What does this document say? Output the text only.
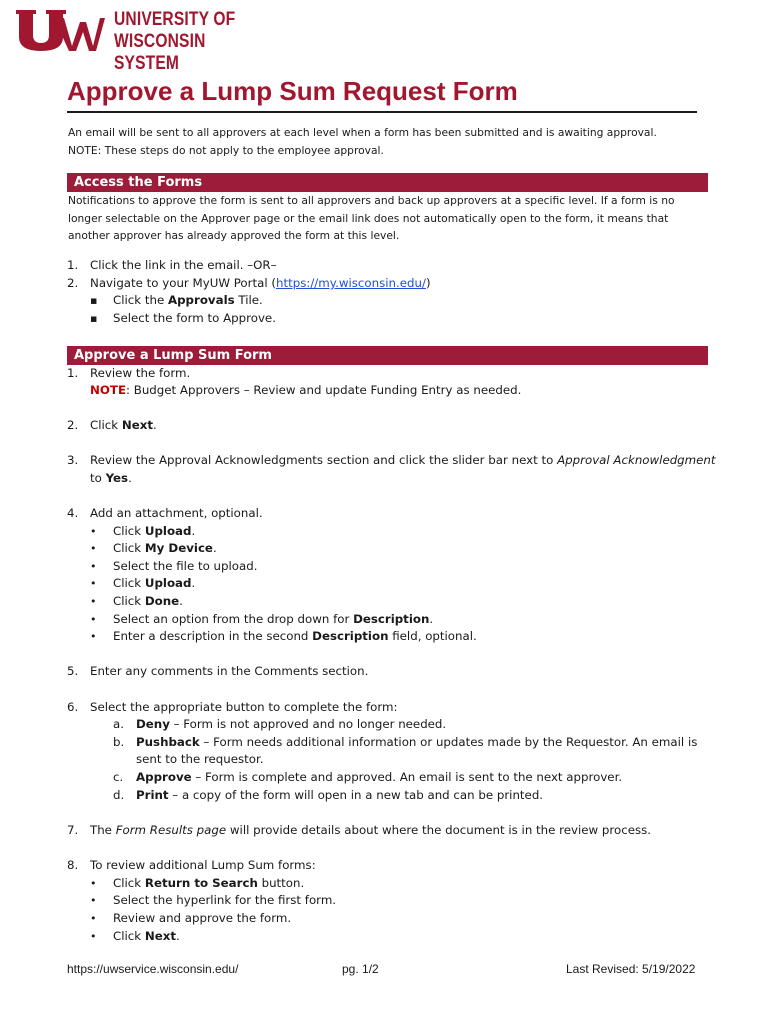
UNIVERSITY OF
WISCONSIN SYSTEM
Approve a Lump Sum Request Form
An email will be sent to all approvers at each level when a form has been submitted and is awaiting approval.
NOTE: These steps do not apply to the employee approval.
Access the Forms
Notifications to approve the form is sent to all approvers and back up approvers at a specific level. If a form is no longer selectable on the Approver page or the email link does not automatically open to the form, it means that another approver has already approved the form at this level.
1. Click the link in the email. –OR–
2. Navigate to your MyUW Portal (https://my.wisconsin.edu/)
▪ Click the Approvals Tile.
▪ Select the form to Approve.
Approve a Lump Sum Form
1. Review the form.
NOTE: Budget Approvers – Review and update Funding Entry as needed.
2. Click Next.
3. Review the Approval Acknowledgments section and click the slider bar next to Approval Acknowledgment
to Yes.
4. Add an attachment, optional.
• Click Upload.
• Click My Device.
• Select the file to upload.
• Click Upload.
• Click Done.
• Select an option from the drop down for Description.
• Enter a description in the second Description field, optional.
5. Enter any comments in the Comments section.
6. Select the appropriate button to complete the form:
a. Deny – Form is not approved and no longer needed.
b. Pushback – Form needs additional information or updates made by the Requestor. An email is
sent to the requestor.
c. Approve – Form is complete and approved. An email is sent to the next approver.
d. Print – a copy of the form will open in a new tab and can be printed.
7. The Form Results page will provide details about where the document is in the review process.
8. To review additional Lump Sum forms:
• Click Return to Search button.
• Select the hyperlink for the first form.
• Review and approve the form.
• Click Next.
https://uwservice.wisconsin.edu/	pg. 1/2	Last Revised: 5/19/2022
